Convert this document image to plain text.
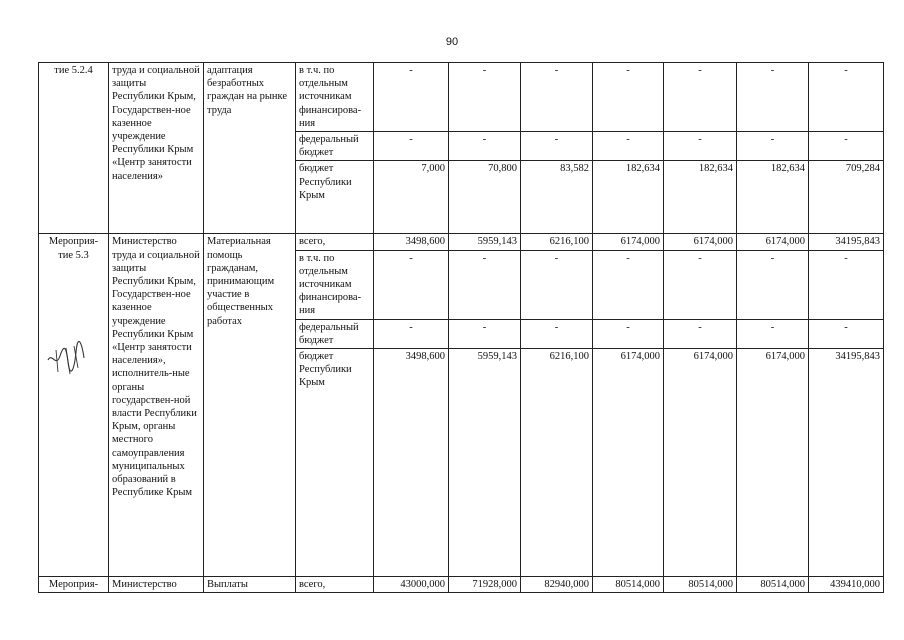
90
тие 5.2.4	труда и социальной защиты Республики Крым, Государствен-ное казенное учреждение Республики Крым «Центр занятости населения»	адаптация безработных граждан на рынке труда	в т.ч. по отдельным источникам финансирова-ния	-	-	-	-	-	-	-
			федеральный бюджет	-	-	-	-	-	-	-
			бюджет Республики Крым	7,000	70,800	83,582	182,634	182,634	182,634	709,284
Мероприя-тие 5.3	Министерство труда и социальной защиты Республики Крым, Государствен-ное казенное учреждение Республики Крым «Центр занятости населения», исполнитель-ные органы государствен-ной власти Республики Крым, органы местного самоуправления муниципальных образований в Республике Крым	Материальная помощь гражданам, принимающим участие в общественных работах	всего,	3498,600	5959,143	6216,100	6174,000	6174,000	6174,000	34195,843
			в т.ч. по отдельным источникам финансирова-ния	-	-	-	-	-	-	-
			федеральный бюджет	-	-	-	-	-	-	-
			бюджет Республики Крым	3498,600	5959,143	6216,100	6174,000	6174,000	6174,000	34195,843
Мероприя-	Министерство	Выплаты	всего,	43000,000	71928,000	82940,000	80514,000	80514,000	80514,000	439410,000
